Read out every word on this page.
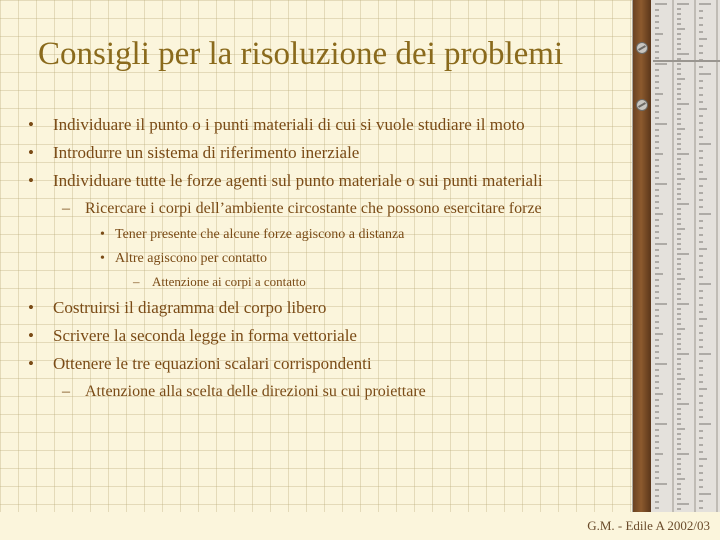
Consigli per la risoluzione dei problemi
• Individuare il punto o i punti materiali di cui si vuole studiare il moto
• Introdurre un sistema di riferimento inerziale
• Individuare tutte le forze agenti sul punto materiale o sui punti materiali
– Ricercare i corpi dell’ambiente circostante che possono esercitare forze
• Tener presente che alcune forze agiscono a distanza
• Altre agiscono per contatto
– Attenzione ai corpi a contatto
• Costruirsi il diagramma del corpo libero
• Scrivere la seconda legge in forma vettoriale
• Ottenere le tre equazioni scalari corrispondenti
– Attenzione alla scelta delle direzioni su cui proiettare
G.M. - Edile A 2002/03
